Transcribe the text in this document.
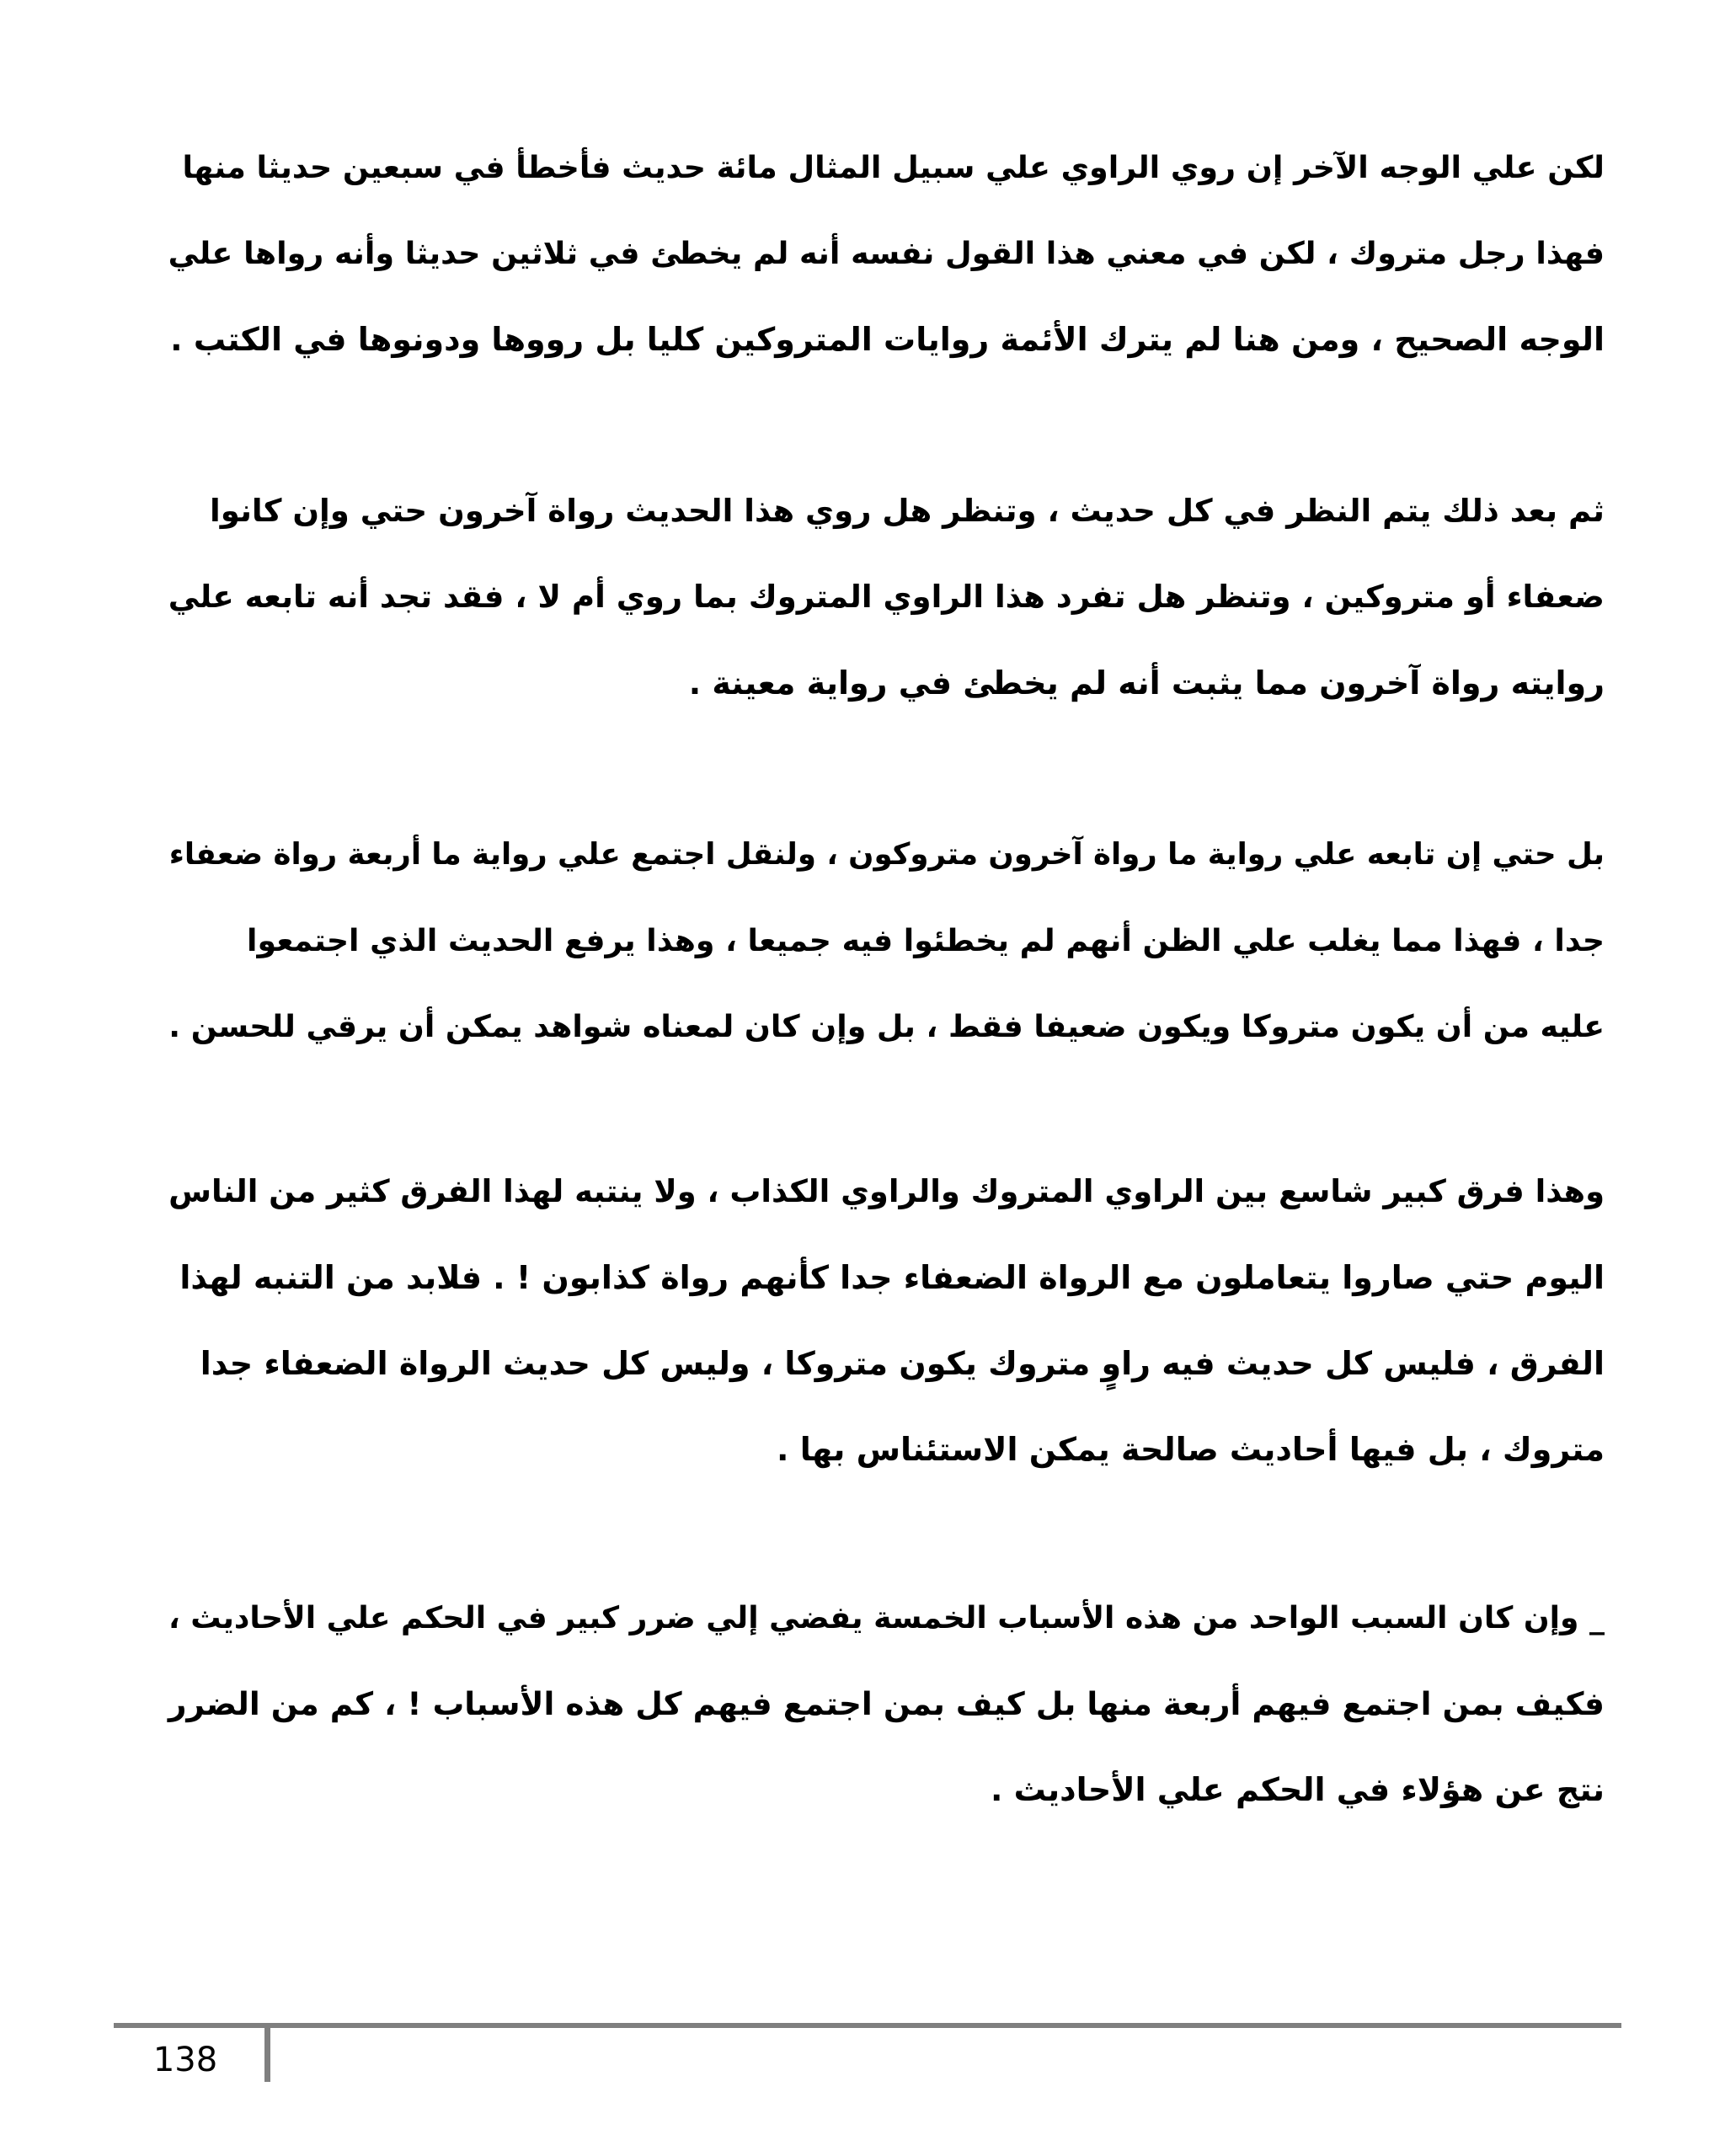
لكن علي الوجه الآخر إن روي الراوي علي سبيل المثال مائة حديث فأخطأ في سبعين حديثا منها
فهذا رجل متروك ، لكن في معني هذا القول نفسه أنه لم يخطئ في ثلاثين حديثا وأنه رواها علي
الوجه الصحيح ، ومن هنا لم يترك الأئمة روايات المتروكين كليا بل رووها ودونوها في الكتب .

ثم بعد ذلك يتم النظر في كل حديث ، وتنظر هل روي هذا الحديث رواة آخرون حتي وإن كانوا
ضعفاء أو متروكين ، وتنظر هل تفرد هذا الراوي المتروك بما روي أم لا ، فقد تجد أنه تابعه علي
روايته رواة آخرون مما يثبت أنه لم يخطئ في رواية معينة .

بل حتي إن تابعه علي رواية ما رواة آخرون متروكون ، ولنقل اجتمع علي رواية ما أربعة رواة ضعفاء
جدا ، فهذا مما يغلب علي الظن أنهم لم يخطئوا فيه جميعا ، وهذا يرفع الحديث الذي اجتمعوا
عليه من أن يكون متروكا ويكون ضعيفا فقط ، بل وإن كان لمعناه شواهد يمكن أن يرقي للحسن .

وهذا فرق كبير شاسع بين الراوي المتروك والراوي الكذاب ، ولا ينتبه لهذا الفرق كثير من الناس
اليوم حتي صاروا يتعاملون مع الرواة الضعفاء جدا كأنهم رواة كذابون ! . فلابد من التنبه لهذا
الفرق ، فليس كل حديث فيه راوٍ متروك يكون متروكا ، وليس كل حديث الرواة الضعفاء جدا
متروك ، بل فيها أحاديث صالحة يمكن الاستئناس بها .

_ وإن كان السبب الواحد من هذه الأسباب الخمسة يفضي إلي ضرر كبير في الحكم علي الأحاديث ،
فكيف بمن اجتمع فيهم أربعة منها بل كيف بمن اجتمع فيهم كل هذه الأسباب ! ، كم من الضرر
نتج عن هؤلاء في الحكم علي الأحاديث .

138
